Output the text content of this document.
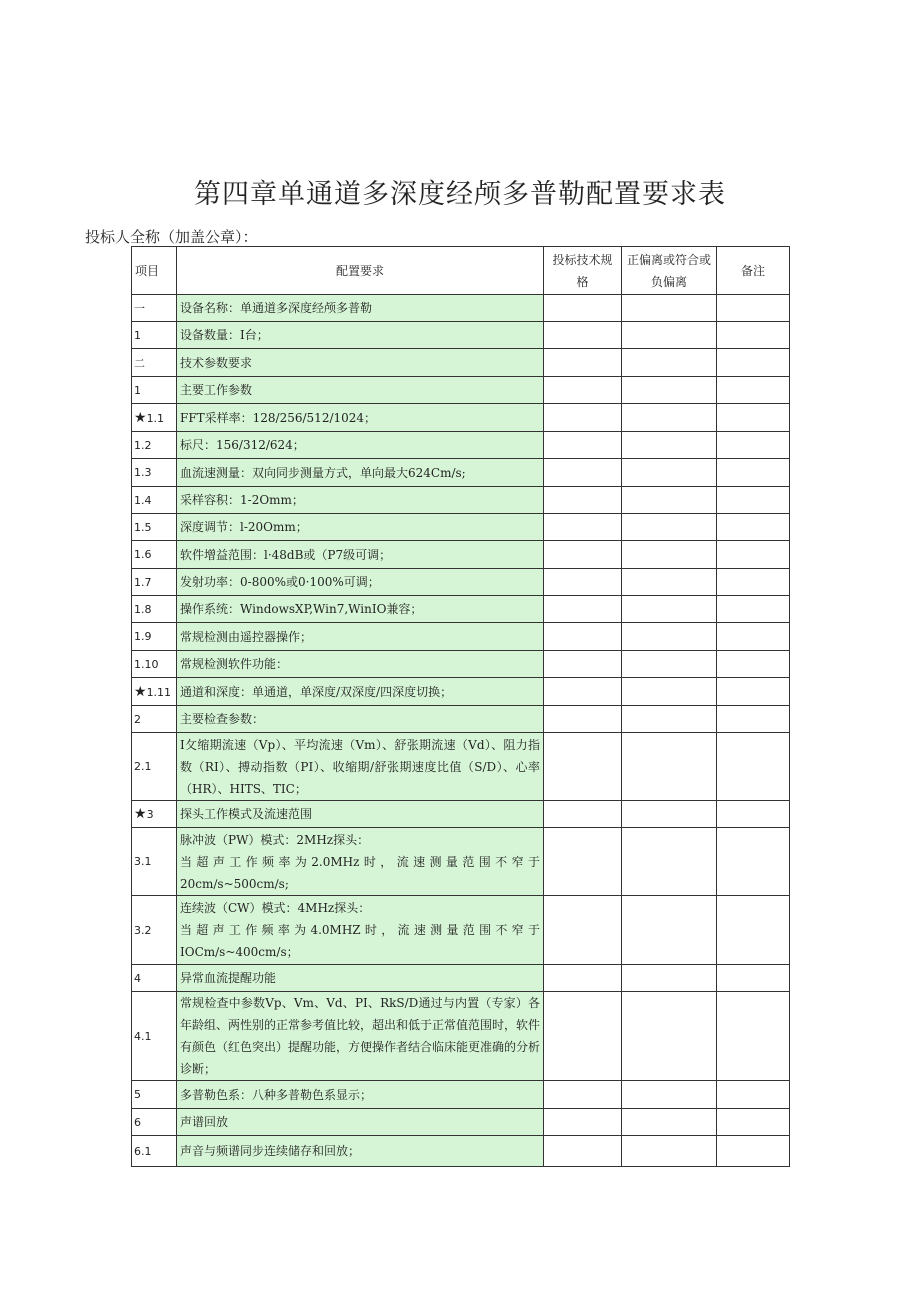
第四章单通道多深度经颅多普勒配置要求表
投标人全称（加盖公章）：
项目	配置要求	投标技术规格	正偏离或符合或负偏离	备注
一	设备名称：单通道多深度经颅多普勒			
1	设备数量：I台；			
二	技术参数要求			
1	主要工作参数			
★1.1	FFT采样率：128/256/512/1024；			
1.2	标尺：156/312/624；			
1.3	血流速测量：双向同步测量方式，单向最大624Cm/s;			
1.4	采样容积：1-2Omm；			
1.5	深度调节：l-20Omm；			
1.6	软件增益范围：l·48dB或（P7级可调；			
1.7	发射功率：0-800%或0·100%可调；			
1.8	操作系统：WindowsXP,Win7,WinIO兼容；			
1.9	常规检测由遥控器操作；			
1.10	常规检测软件功能：			
★1.11	通道和深度：单通道，单深度/双深度/四深度切换；			
2	主要检查参数：			
2.1	I攵缩期流速（Vp）、平均流速（Vm）、舒张期流速（Vd）、阻力指数（RI）、搏动指数（PI）、收缩期/舒张期速度比值（S/D）、心率（HR）、HITS、TIC；			
★3	探头工作模式及流速范围			
3.1	脉冲波（PW）模式：2MHz探头：
当超声工作频率为2.0MHz时，流速测量范围不窄于20cm∕s~500cm∕s;			
3.2	连续波（CW）模式：4MHz探头：
当超声工作频率为4.0MHZ时，流速测量范围不窄于IOCm∕s~400cm/s；			
4	异常血流提醒功能			
4.1	常规检查中参数Vp、Vm、Vd、PI、RkS/D通过与内置（专家）各年龄组、两性别的正常参考值比较，超出和低于正常值范围时，软件有颜色（红色突出）提醒功能，方便操作者结合临床能更准确的分析诊断；			
5	多普勒色系：八种多普勒色系显示；			
6	声谱回放			
6.1	声音与频谱同步连续储存和回放；			
